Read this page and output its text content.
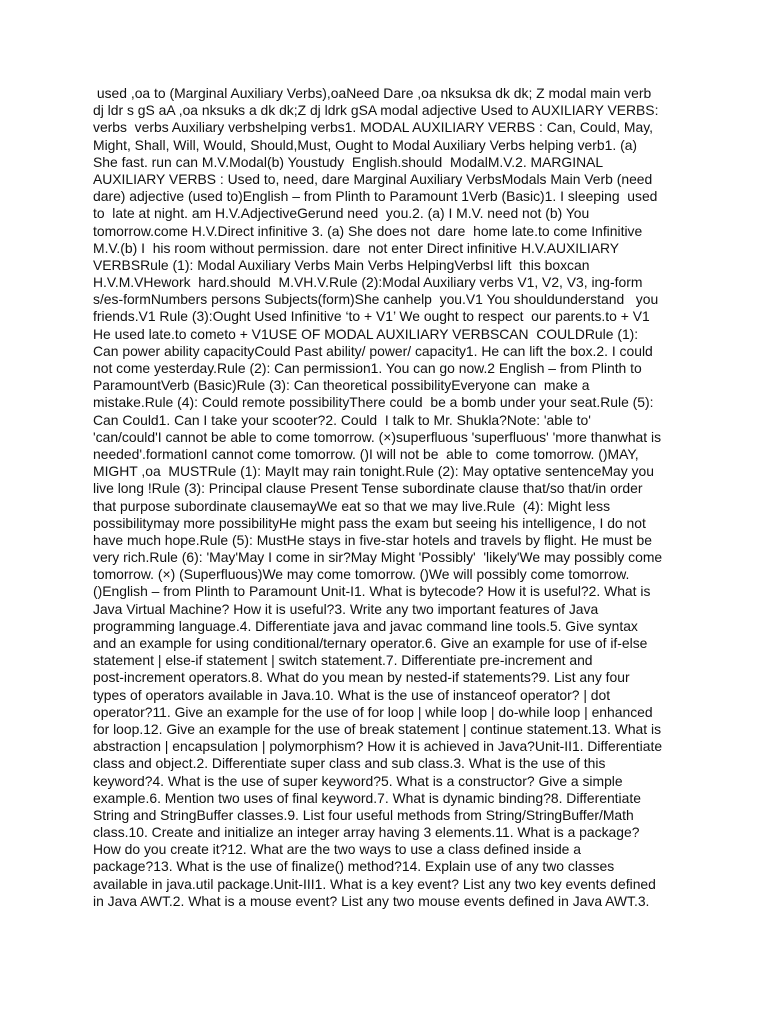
used ,oa to (Marginal Auxiliary Verbs),oaNeed Dare ,oa nksuksa dk dk; Z modal main verb
dj ldr s gS aA ,oa nksuks a dk dk;Z dj ldrk gSA modal adjective Used to AUXILIARY VERBS:
verbs  verbs Auxiliary verbshelping verbs1. MODAL AUXILIARY VERBS : Can, Could, May,
Might, Shall, Will, Would, Should,Must, Ought to Modal Auxiliary Verbs helping verb1. (a)
She fast. run can M.V.Modal(b) Youstudy  English.should  ModalM.V.2. MARGINAL
AUXILIARY VERBS : Used to, need, dare Marginal Auxiliary VerbsModals Main Verb (need
dare) adjective (used to)English – from Plinth to Paramount 1Verb (Basic)1. I sleeping  used
to  late at night. am H.V.AdjectiveGerund need  you.2. (a) I M.V. need not (b) You
tomorrow.come H.V.Direct infinitive 3. (a) She does not  dare  home late.to come Infinitive
M.V.(b) I  his room without permission. dare  not enter Direct infinitive H.V.AUXILIARY
VERBSRule (1): Modal Auxiliary Verbs Main Verbs HelpingVerbsI lift  this boxcan
H.V.M.VHework  hard.should  M.VH.V.Rule (2):Modal Auxiliary verbs V1, V2, V3, ing-form
s/es-formNumbers persons Subjects(form)She canhelp  you.V1 You shouldunderstand   you
friends.V1 Rule (3):Ought Used Infinitive ‘to + V1’ We ought to respect  our parents.to + V1
He used late.to cometo + V1USE OF MODAL AUXILIARY VERBSCAN  COULDRule (1):
Can power ability capacityCould Past ability/ power/ capacity1. He can lift the box.2. I could
not come yesterday.Rule (2): Can permission1. You can go now.2 English – from Plinth to
ParamountVerb (Basic)Rule (3): Can theoretical possibilityEveryone can  make a
mistake.Rule (4): Could remote possibilityThere could  be a bomb under your seat.Rule (5):
Can Could1. Can I take your scooter?2. Could  I talk to Mr. Shukla?Note: 'able to'
'can/could'I cannot be able to come tomorrow. (×)superfluous 'superfluous' 'more thanwhat is
needed'.formationI cannot come tomorrow. ()I will not be  able to  come tomorrow. ()MAY,
MIGHT ,oa  MUSTRule (1): MayIt may rain tonight.Rule (2): May optative sentenceMay you
live long !Rule (3): Principal clause Present Tense subordinate clause that/so that/in order
that purpose subordinate clausemayWe eat so that we may live.Rule  (4): Might less
possibilitymay more possibilityHe might pass the exam but seeing his intelligence, I do not
have much hope.Rule (5): MustHe stays in five-star hotels and travels by flight. He must be
very rich.Rule (6): 'May'May I come in sir?May Might 'Possibly'  'likely'We may possibly come
tomorrow. (×) (Superfluous)We may come tomorrow. ()We will possibly come tomorrow.
()English – from Plinth to Paramount Unit-I1. What is bytecode? How it is useful?2. What is
Java Virtual Machine? How it is useful?3. Write any two important features of Java
programming language.4. Differentiate java and javac command line tools.5. Give syntax
and an example for using conditional/ternary operator.6. Give an example for use of if-else
statement | else-if statement | switch statement.7. Differentiate pre-increment and
post-increment operators.8. What do you mean by nested-if statements?9. List any four
types of operators available in Java.10. What is the use of instanceof operator? | dot
operator?11. Give an example for the use of for loop | while loop | do-while loop | enhanced
for loop.12. Give an example for the use of break statement | continue statement.13. What is
abstraction | encapsulation | polymorphism? How it is achieved in Java?Unit-II1. Differentiate
class and object.2. Differentiate super class and sub class.3. What is the use of this
keyword?4. What is the use of super keyword?5. What is a constructor? Give a simple
example.6. Mention two uses of final keyword.7. What is dynamic binding?8. Differentiate
String and StringBuffer classes.9. List four useful methods from String/StringBuffer/Math
class.10. Create and initialize an integer array having 3 elements.11. What is a package?
How do you create it?12. What are the two ways to use a class defined inside a
package?13. What is the use of finalize() method?14. Explain use of any two classes
available in java.util package.Unit-III1. What is a key event? List any two key events defined
in Java AWT.2. What is a mouse event? List any two mouse events defined in Java AWT.3.
